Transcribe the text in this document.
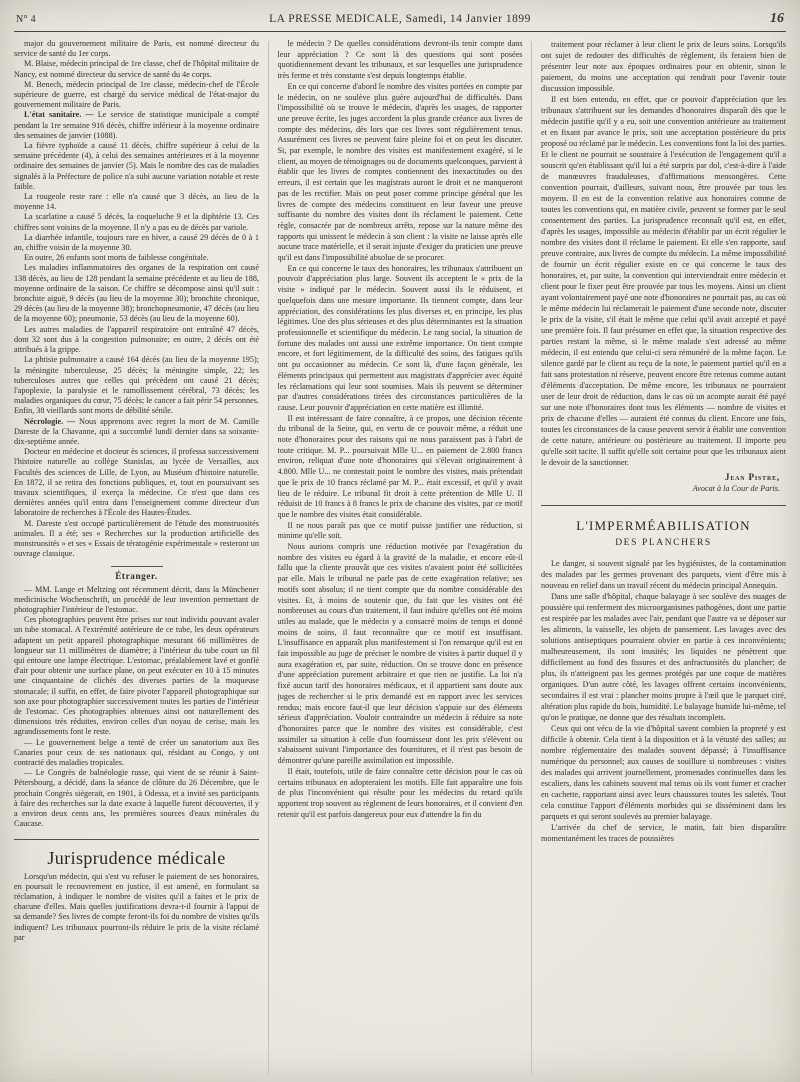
N° 4	LA PRESSE MEDICALE, Samedi, 14 Janvier 1899	16

major du gouvernement militaire de Paris, est nommé directeur du service de santé du 1er corps.

M. Blaise, médecin principal de 1re classe, chef de l'hôpital militaire de Nancy, est nommé directeur du service de santé du 4e corps.

M. Benech, médecin principal de 1re classe, médecin-chef de l'École supérieure de guerre, est chargé du service médical de l'état-major du gouvernement militaire de Paris.

L'état sanitaire. — Le service de statistique municipale a compté pendant la 1re semaine 916 décès, chiffre inférieur à la moyenne ordinaire des semaines de janvier (1088).

La fièvre typhoïde a causé 11 décès, chiffre supérieur à celui de la semaine précédente (4), à celui des semaines antérieures et à la moyenne ordinaire des semaines de janvier (5). Mais le nombre des cas de maladies signalés à la Préfecture de police n'a subi aucune variation notable et reste faible.

La rougeole reste rare : elle n'a causé que 3 décès, au lieu de la moyenne 14.

La scarlatine a causé 5 décès, la coqueluche 9 et la diphtérie 13. Ces chiffres sont voisins de la moyenne. Il n'y a pas eu de décès par variole.

La diarrhée infantile, toujours rare en hiver, a causé 29 décès de 0 à 1 an, chiffre voisin de la moyenne 30.

En outre, 26 enfants sont morts de faiblesse congénitale.

Les maladies inflammatoires des organes de la respiration ont causé 138 décès, au lieu de 128 pendant la semaine précédente et au lieu de 188, moyenne ordinaire de la saison. Ce chiffre se décompose ainsi qu'il suit : bronchite aiguë, 9 décès (au lieu de la moyenne 30); bronchite chronique, 29 décès (au lieu de la moyenne 38); bronchopneumonie, 47 décès (au lieu de la moyenne 60); pneumonie, 53 décès (au lieu de la moyenne 60).

Les autres maladies de l'appareil respiratoire ont entraîné 47 décès, dont 32 sont dus à la congestion pulmonaire; en outre, 2 décès ont été attribués à la grippe.

La phtisie pulmonaire a causé 164 décès (au lieu de la moyenne 195); la méningite tuberculeuse, 25 décès; la méningite simple, 22; les tuberculoses autres que celles qui précèdent ont causé 21 décès; l'apoplexie, la paralysie et le ramollissement cérébral, 73 décès; les maladies organiques du cœur, 75 décès; le cancer a fait périr 54 personnes. Enfin, 38 vieillards sont morts de débilité sénile.

Nécrologie. — Nous apprenons avec regret la mort de M. Camille Dareste de la Chavanne, qui a succombé lundi dernier dans sa soixante-dix-septième année.

Docteur en médecine et docteur ès sciences, il professa successivement l'histoire naturelle au collège Stanislas, au lycée de Versailles, aux Facultés des sciences de Lille, de Lyon, au Muséum d'histoire naturelle. En 1872, il se retira des fonctions publiques, et, tout en poursuivant ses travaux scientifiques, il exerça la médecine. Ce n'est que dans ces dernières années qu'il entra dans l'enseignement comme directeur d'un laboratoire de recherches à l'École des Hautes-Études.

M. Dareste s'est occupé particulièrement de l'étude des monstruosités animales. Il a été; ses « Recherches sur la production artificielle des monstruosités » et ses « Essais de tératogénie expérimentale » resteront un ouvrage classique.

Étranger.

— MM. Lange et Meltzing ont récemment décrit, dans la Münchener medicinische Wochenschrift, un procédé de leur invention permettant de photographier l'intérieur de l'estomac.

Ces photographies peuvent être prises sur tout individu pouvant avaler un tube stomacal. A l'extrémité antérieure de ce tube, les deux opérateurs adaptent un petit appareil photographique mesurant 66 millimètres de longueur sur 11 millimètres de diamètre; à l'intérieur du tube court un fil qui entoure une lampe électrique. L'estomac, préalablement lavé et gonflé d'air pour obtenir une surface plane, on peut exécuter en 10 à 15 minutes une cinquantaine de clichés des diverses parties de la muqueuse stomacale; il suffit, en effet, de faire pivoter l'appareil photographique sur son axe pour photographier successivement toutes les parties de l'intérieur de l'estomac. Ces photographies obtenues ainsi ont naturellement des dimensions très réduites, environ celles d'un noyau de cerise, mais les agrandissements font le reste.

— Le gouvernement belge a tenté de créer un sanatorium aux îles Canaries pour ceux de ses nationaux qui, résidant au Congo, y ont contracté des maladies tropicales.

— Le Congrès de balnéologie russe, qui vient de se réunir à Saint-Pétersbourg, a décidé, dans la séance de clôture du 26 Décembre, que le prochain Congrès siégerait, en 1901, à Odessa, et a invité ses participants à faire des recherches sur la date exacte à laquelle furent découvertes, il y a environ deux cents ans, les premières sources d'eaux minérales du Caucase.

Jurisprudence médicale

Lorsqu'un médecin, qui s'est vu refuser le paiement de ses honoraires, en poursuit le recouvrement en justice, il est amené, en formulant sa réclamation, à indiquer le nombre de visites qu'il a faites et le prix de chacune d'elles. Mais quelles justifications devra-t-il fournir à l'appui de sa demande? Ses livres de compte feront-ils foi du nombre de visites qu'ils indiquent? Les tribunaux pourront-ils réduire le prix de la visite réclamé par

le médecin ? De quelles considérations devront-ils tenir compte dans leur appréciation ? Ce sont là des questions qui sont posées quotidiennement devant les tribunaux, et sur lesquelles une jurisprudence très ferme et très constante s'est depuis longtemps établie.

En ce qui concerne d'abord le nombre des visites portées en compte par le médecin, on ne soulève plus guère aujourd'hui de difficultés. Dans l'impossibilité où se trouve le médecin, d'après les usages, de rapporter une preuve écrite, les juges accordent la plus grande créance aux livres de compte des médecins, dès lors que ces livres sont régulièrement tenus. Assurément ces livres ne peuvent faire pleine foi et on peut les discuter. Si, par exemple, le nombre des visites est manifestement exagéré, si le client, au moyen de témoignages ou de documents quelconques, parvient à établir que les livres de comptes contiennent des inexactitudes ou des erreurs, il est certain que les magistrats auront le droit et ne manqueront pas de les rectifier. Mais on peut poser comme principe général que les livres de compte des médecins constituent en leur faveur une preuve suffisante du nombre des visites dont ils réclament le paiement. Cette règle, consacrée par de nombreux arrêts, repose sur la nature même des rapports qui unissent le médecin à son client : la visite ne laisse après elle aucune trace matérielle, et il serait injuste d'exiger du praticien une preuve qu'il est dans l'impossibilité absolue de se procurer.

En ce qui concerne le taux des honoraires, les tribunaux s'attribuent un pouvoir d'appréciation plus large. Souvent ils acceptent le « prix de la visite » indiqué par le médecin. Souvent aussi ils le réduisent, et quelquefois dans une mesure importante. Ils tiennent compte, dans leur appréciation, des considérations les plus diverses et, en principe, les plus légitimes. Une des plus sérieuses et des plus déterminantes est la situation professionnelle et scientifique du médecin. Le rang social, la situation de fortune des malades ont aussi une extrême importance. On tient compte encore, et fort légitimement, de la difficulté des soins, des fatigues qu'ils ont pu occasionner au médecin. Ce sont là, d'une façon générale, les éléments principaux qui permettent aux magistrats d'apprécier avec équité les réclamations qui leur sont soumises. Mais ils peuvent se déterminer par d'autres considérations tirées des circonstances particulières de la cause. Leur pouvoir d'appréciation en cette matière est illimité.

Il est intéressant de faire connaître, à ce propos, une décision récente du tribunal de la Seine, qui, en vertu de ce pouvoir même, a réduit une note d'honoraires pour des raisons qui ne nous paraissent pas à l'abri de toute critique. M. P... poursuivait Mlle U... en paiement de 2.800 francs environ, reliquat d'une note d'honoraires qui s'élevait originairement à 4.800. Mlle U... ne contestait point le nombre des visites, mais prétendait que le prix de 10 francs réclamé par M. P... était excessif, et qu'il y avait lieu de le réduire. Le tribunal fit droit à cette prétention de Mlle U. Il réduisit de 10 francs à 8 francs le prix de chacune des visites, par ce motif que le nombre des visites était considérable.

Il ne nous paraît pas que ce motif puisse justifier une réduction, si minime qu'elle soit.

Nous aurions compris une réduction motivée par l'exagération du nombre des visites eu égard à la gravité de la maladie, et encore eût-il fallu que la cliente prouvât que ces visites n'avaient point été sollicitées par elle. Mais le tribunal ne parle pas de cette exagération relative; ses motifs sont absolus; il ne tient compte que du nombre considérable des visites. Et, à moins de soutenir que, du fait que les visites ont été nombreuses au cours d'un traitement, il faut induire qu'elles ont été moins utiles au malade, que le médecin y a consacré moins de temps et donné moins de soins, il faut reconnaître que ce motif est insuffisant. L'insuffisance en apparaît plus manifestement si l'on remarque qu'il est en fait impossible au juge de préciser le nombre de visites à partir duquel il y aura exagération et, par suite, réduction. On se trouve donc en présence d'une appréciation purement arbitraire et que rien ne justifie. La loi n'a fixé aucun tarif des honoraires médicaux, et il appartient sans doute aux juges de rechercher si le prix demandé est en rapport avec les services rendus; mais encore faut-il que leur décision s'appuie sur des éléments sérieux d'appréciation. Vouloir contraindre un médecin à réduire sa note d'honoraires parce que le nombre des visites est considérable, c'est assimiler sa situation à celle d'un fournisseur dont les prix s'élèvent ou s'abaissent suivant l'importance des fournitures, et il n'est pas besoin de démontrer qu'une pareille assimilation est impossible.

Il était, toutefois, utile de faire connaître cette décision pour le cas où certains tribunaux en adopteraient les motifs. Elle fait apparaître une fois de plus l'inconvénient qui résulte pour les médecins du retard qu'ils apportent trop souvent au règlement de leurs honoraires, et il convient d'en retenir qu'il est parfois dangereux pour eux d'attendre la fin du

traitement pour réclamer à leur client le prix de leurs soins. Lorsqu'ils ont sujet de redouter des difficultés de règlement, ils feraient bien de présenter leur note aux époques ordinaires pour en obtenir, sinon le paiement, du moins une acceptation qui rendrait pour l'avenir toute discussion impossible.

Il est bien entendu, en effet, que ce pouvoir d'appréciation que les tribunaux s'attribuent sur les demandes d'honoraires disparaît dès que le médecin justifie qu'il y a eu, soit une convention antérieure au traitement et en fixant par avance le prix, soit une acceptation postérieure du prix proposé ou réclamé par le médecin. Les conventions font la loi des parties. Et le client ne pourrait se soustraire à l'exécution de l'engagement qu'il a souscrit qu'en établissant qu'il lui a été surpris par dol, c'est-à-dire à l'aide de manœuvres frauduleuses, d'affirmations mensongères. Cette convention pourrait, d'ailleurs, suivant nous, être prouvée par tous les moyens. Il en est de la convention relative aux honoraires comme de toutes les conventions qui, en matière civile, peuvent se former par le seul consentement des parties. La jurisprudence reconnaît qu'il est, en effet, d'après les usages, impossible au médecin d'établir par un écrit régulier le nombre des visites dont il réclame le paiement. Et elle s'en rapporte, sauf preuve contraire, aux livres de compte du médecin. La même impossibilité de fournir un écrit régulier existe en ce qui concerne le taux des honoraires, et, par suite, la convention qui interviendrait entre médecin et client pour le fixer peut être prouvée par tous les moyens. Ainsi un client ayant volontairement payé une note d'honoraires ne pourrait pas, au cas où le même médecin lui réclamerait le paiement d'une seconde note, discuter le prix de la visite, s'il était le même que celui qu'il avait accepté et payé une première fois. Il faut présumer en effet que, la situation respective des parties restant la même, si le même malade s'est adressé au même médecin, il est entendu que celui-ci sera rémunéré de la même façon. Le silence gardé par le client au reçu de la note, le paiement partiel qu'il en a fait sans protestation ni réserve, peuvent encore être retenus comme autant d'éléments d'acceptation. De même encore, les tribunaux ne pourraient user de leur droit de réduction, dans le cas où un acompte aurait été payé sur une note d'honoraires dont tous les éléments — nombre de visites et prix de chacune d'elles — auraient été connus du client. Encore une fois, toutes les circonstances de la cause peuvent servir à établir une convention de cette nature, antérieure ou postérieure au traitement. Il importe peu qu'elle soit tacite. Il suffit qu'elle soit certaine pour que les tribunaux aient le devoir de la sanctionner.

Jean Pistre,
Avocat à la Cour de Paris.
L'IMPERMÉABILISATION
DES PLANCHERS

Le danger, si souvent signalé par les hygiénistes, de la contamination des malades par les germes provenant des parquets, vient d'être mis à nouveau en relief dans un travail récent du médecin principal Annequin.

Dans une salle d'hôpital, chaque balayage à sec soulève des nuages de poussière qui renferment des microorganismes pathogènes, dont une partie est respirée par les malades avec l'air, pendant que l'autre va se déposer sur les aliments, la vaisselle, les objets de pansement. Les lavages avec des solutions antiseptiques pourraient obvier en partie à ces inconvénients; malheureusement, ils sont inusités; les liquides ne pénètrent que difficilement au fond des fissures et des anfractuosités du plancher; de plus, ils n'atteignent pas les germes protégés par une coque de matières organiques. D'un autre côté, les lavages offrent certains inconvénients, secondaires il est vrai : plancher moins propre à l'œil que le parquet ciré, altération plus rapide du bois, humidité. Le balayage humide lui-même, tel qu'on le pratique, ne donne que des résultats incomplets.

Ceux qui ont vécu de la vie d'hôpital savent combien la propreté y est difficile à obtenir. Cela tient à la disposition et à la vétusté des salles; au nombre réglementaire des malades souvent dépassé; à l'insuffisance numérique du personnel; aux causes de souillure si nombreuses : visites des malades qui arrivent journellement, promenades continuelles dans les escaliers, dans les cabinets souvent mal tenus où ils vont fumer et cracher en cachette, rapportant ainsi avec leurs chaussures toutes les saletés. Tout cela constitue l'apport d'éléments morbides qui se disséminent dans les parquets et qui seront soulevés au premier balayage.

L'arrivée du chef de service, le matin, fait bien disparaître momentanément les traces de poussières
